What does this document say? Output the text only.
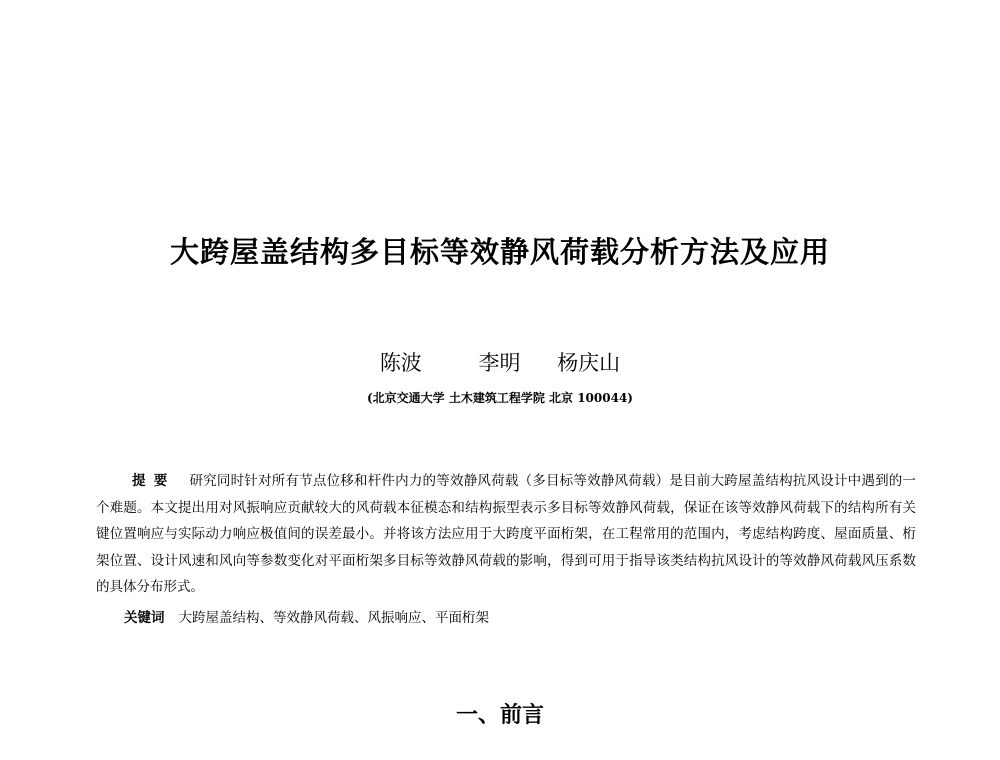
大跨屋盖结构多目标等效静风荷载分析方法及应用
陈波	李明 杨庆山
(北京交通大学 土木建筑工程学院 北京 100044)
提要 研究同时针对所有节点位移和杆件内力的等效静风荷载（多目标等效静风荷载）是目前大跨屋盖结构抗风设计中遇到的一个难题。本文提出用对风振响应贡献较大的风荷载本征模态和结构振型表示多目标等效静风荷载，保证在该等效静风荷载下的结构所有关键位置响应与实际动力响应极值间的误差最小。并将该方法应用于大跨度平面桁架，在工程常用的范围内，考虑结构跨度、屋面质量、桁架位置、设计风速和风向等参数变化对平面桁架多目标等效静风荷载的影响，得到可用于指导该类结构抗风设计的等效静风荷载风压系数的具体分布形式。
关键词 大跨屋盖结构、等效静风荷载、风振响应、平面桁架
一、前言
